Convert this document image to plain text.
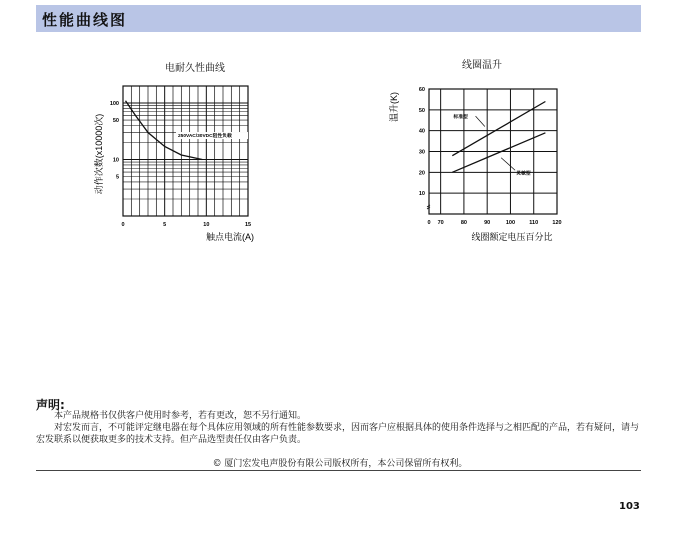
性能曲线图
电耐久性曲线
动作次数(x10000次)
触点电流(A)
100
50
10
5
0	5	10	15
250VAC/30VDC阻性负载
线圈温升
温升(K)
线圈额定电压百分比
60
50
40
30
20
10
0 70	80	90	100	110	120
标准型
灵敏型
声明:
本产品规格书仅供客户使用时参考，若有更改，恕不另行通知。
对宏发而言，不可能评定继电器在每个具体应用领域的所有性能参数要求，因而客户应根据具体的使用条件选择与之相匹配的产品，若有疑问，请与宏发联系以便获取更多的技术支持。但产品选型责任仅由客户负责。
© 厦门宏发电声股份有限公司版权所有，本公司保留所有权利。
103
